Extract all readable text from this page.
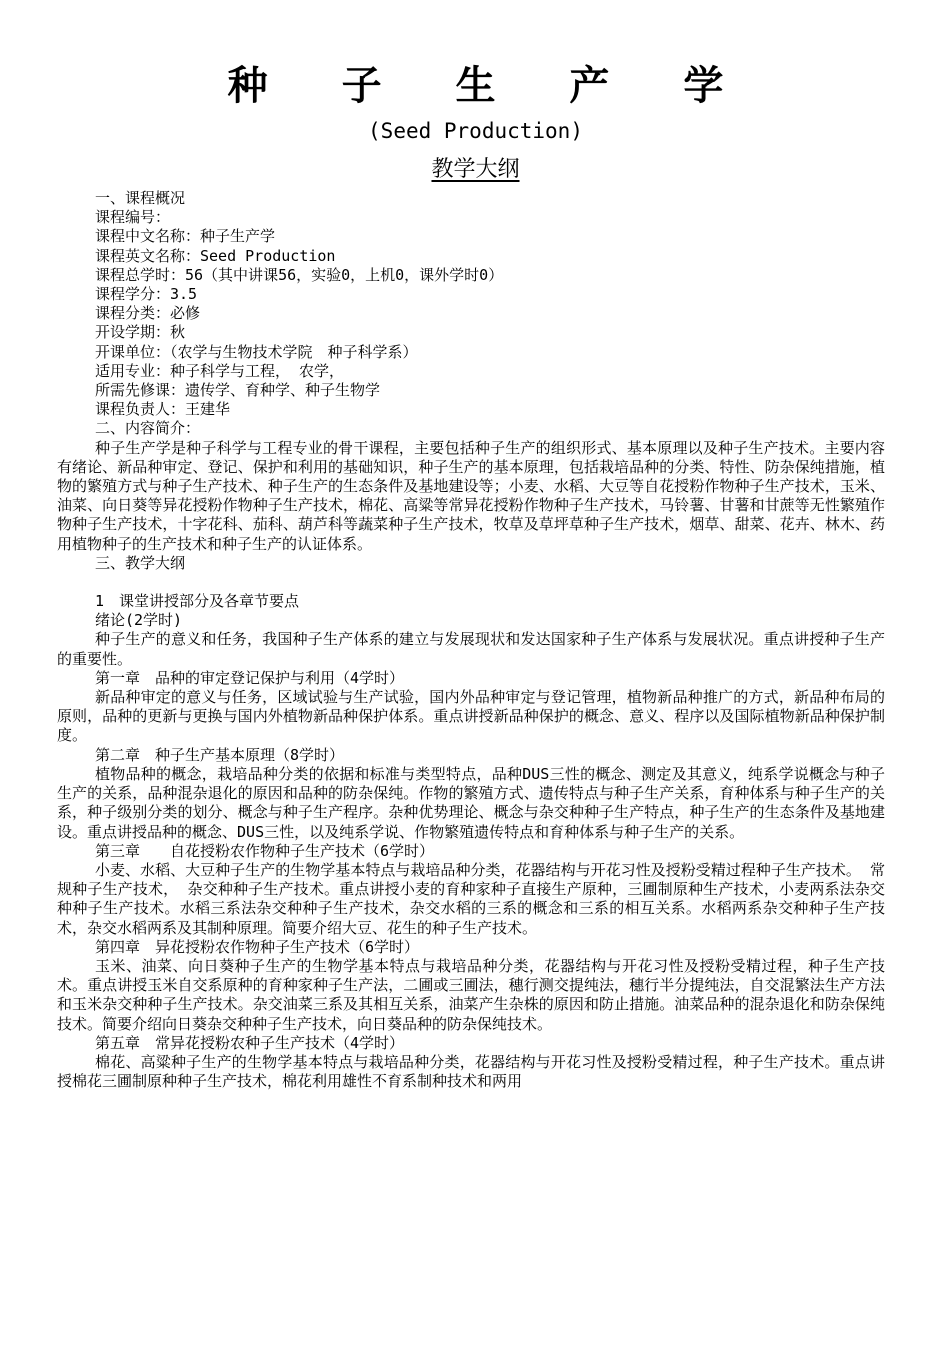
种 子 生 产 学
(Seed Production)
教学大纲

一、课程概况

课程编号：

课程中文名称：种子生产学

课程英文名称：Seed Production

课程总学时：56（其中讲课56，实验0，上机0，课外学时0）

课程学分：3.5

课程分类：必修

开设学期：秋

开课单位：（农学与生物技术学院　种子科学系）

适用专业：种子科学与工程， 农学，

所需先修课：遗传学、育种学、种子生物学

课程负责人：王建华

二、内容简介：

种子生产学是种子科学与工程专业的骨干课程，主要包括种子生产的组织形式、基本原理以及种子生产技术。主要内容有绪论、新品种审定、登记、保护和利用的基础知识，种子生产的基本原理，包括栽培品种的分类、特性、防杂保纯措施，植物的繁殖方式与种子生产技术、种子生产的生态条件及基地建设等；小麦、水稻、大豆等自花授粉作物种子生产技术，玉米、油菜、向日葵等异花授粉作物种子生产技术，棉花、高粱等常异花授粉作物种子生产技术，马铃薯、甘薯和甘蔗等无性繁殖作物种子生产技术，十字花科、茄科、葫芦科等蔬菜种子生产技术，牧草及草坪草种子生产技术，烟草、甜菜、花卉、林木、药用植物种子的生产技术和种子生产的认证体系。

三、教学大纲

1　课堂讲授部分及各章节要点

绪论(2学时)

种子生产的意义和任务，我国种子生产体系的建立与发展现状和发达国家种子生产体系与发展状况。重点讲授种子生产的重要性。

第一章　品种的审定登记保护与利用（4学时）

新品种审定的意义与任务，区域试验与生产试验，国内外品种审定与登记管理，植物新品种推广的方式，新品种布局的原则，品种的更新与更换与国内外植物新品种保护体系。重点讲授新品种保护的概念、意义、程序以及国际植物新品种保护制度。

第二章　种子生产基本原理（8学时）

植物品种的概念，栽培品种分类的依据和标准与类型特点，品种DUS三性的概念、测定及其意义，纯系学说概念与种子生产的关系，品种混杂退化的原因和品种的防杂保纯。作物的繁殖方式、遗传特点与种子生产关系，育种体系与种子生产的关系，种子级别分类的划分、概念与种子生产程序。杂种优势理论、概念与杂交种种子生产特点，种子生产的生态条件及基地建设。重点讲授品种的概念、DUS三性，以及纯系学说、作物繁殖遗传特点和育种体系与种子生产的关系。

第三章　　自花授粉农作物种子生产技术（6学时）

小麦、水稻、大豆种子生产的生物学基本特点与栽培品种分类，花器结构与开花习性及授粉受精过程种子生产技术。 常规种子生产技术， 杂交种种子生产技术。重点讲授小麦的育种家种子直接生产原种，三圃制原种生产技术，小麦两系法杂交种种子生产技术。水稻三系法杂交种种子生产技术，杂交水稻的三系的概念和三系的相互关系。水稻两系杂交种种子生产技术，杂交水稻两系及其制种原理。简要介绍大豆、花生的种子生产技术。

第四章　异花授粉农作物种子生产技术（6学时）

玉米、油菜、向日葵种子生产的生物学基本特点与栽培品种分类，花器结构与开花习性及授粉受精过程，种子生产技术。重点讲授玉米自交系原种的育种家种子生产法，二圃或三圃法，穗行测交提纯法，穗行半分提纯法，自交混繁法生产方法和玉米杂交种种子生产技术。杂交油菜三系及其相互关系，油菜产生杂株的原因和防止措施。油菜品种的混杂退化和防杂保纯技术。简要介绍向日葵杂交种种子生产技术，向日葵品种的防杂保纯技术。

第五章　常异花授粉农种子生产技术（4学时）

棉花、高粱种子生产的生物学基本特点与栽培品种分类，花器结构与开花习性及授粉受精过程，种子生产技术。重点讲授棉花三圃制原种种子生产技术，棉花利用雄性不育系制种技术和两用
